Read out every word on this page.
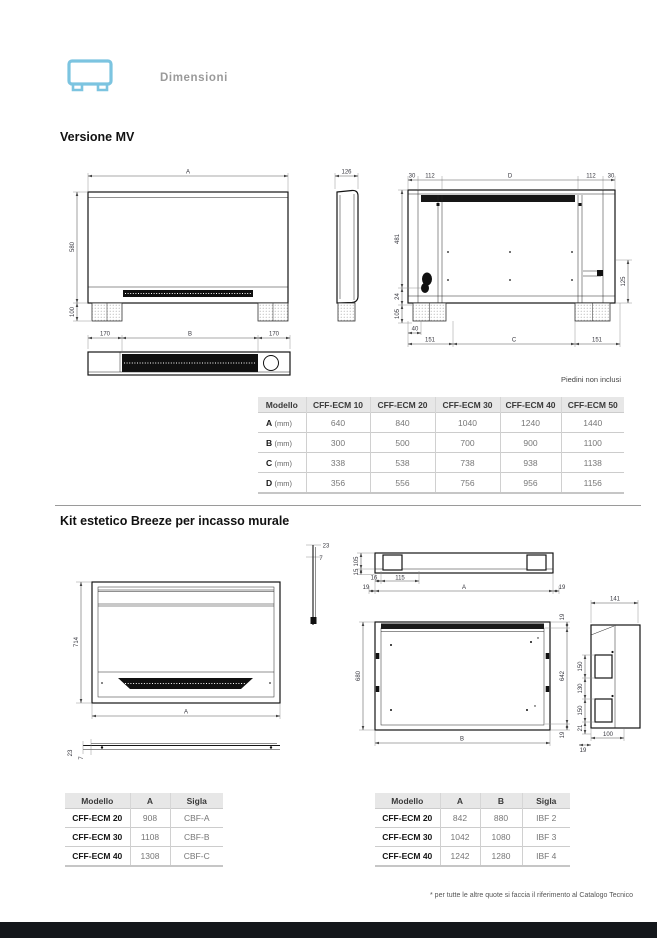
Dimensioni
Versione MV
A
580
100
170	B	170
126
30 112	D	112 30
481
24
105
125
40
151	C	151
Piedini non inclusi
Modello	CFF-ECM 10	CFF-ECM 20	CFF-ECM 30	CFF-ECM 40	CFF-ECM 50
A (mm)	640	840	1040	1240	1440
B (mm)	300	500	700	900	1100
C (mm)	338	538	738	938	1138
D (mm)	356	556	756	956	1156
Kit estetico Breeze per incasso murale
714
A
23
7	105
15
16	115
19	A	19
680
B
19
642
19
141
150
130
150
21
100
19
23
7
Modello	A	Sigla
CFF-ECM 20	908	CBF-A
CFF-ECM 30	1108	CBF-B
CFF-ECM 40	1308	CBF-C
Modello	A	B	Sigla
CFF-ECM 20	842	880	IBF 2
CFF-ECM 30	1042	1080	IBF 3
CFF-ECM 40	1242	1280	IBF 4
* per tutte le altre quote si faccia il riferimento al Catalogo Tecnico
